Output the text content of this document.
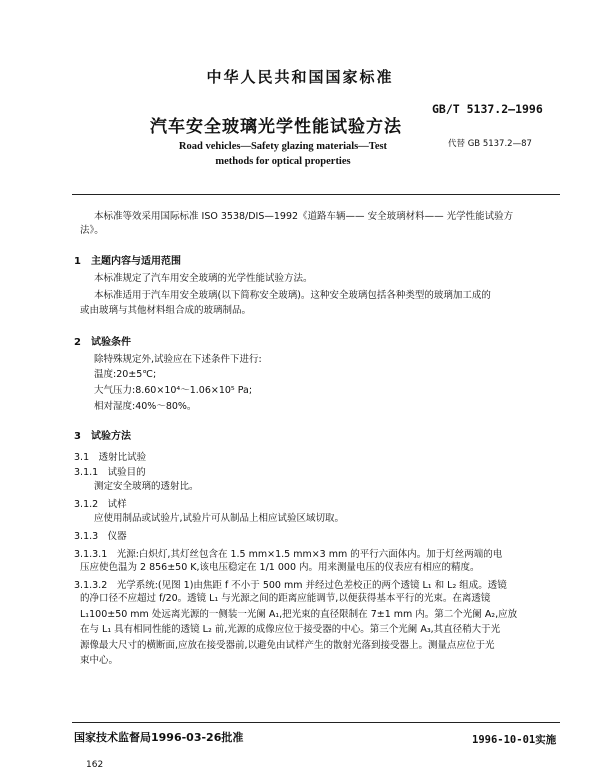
中华人民共和国国家标准
GB/T 5137.2—1996
汽车安全玻璃光学性能试验方法
代替 GB 5137.2—87
Road vehicles—Safety glazing materials—Test
methods for optical properties
本标准等效采用国际标准 ISO 3538/DIS—1992《道路车辆—— 安全玻璃材料—— 光学性能试验方
法》。
1　主题内容与适用范围
本标准规定了汽车用安全玻璃的光学性能试验方法。
本标准适用于汽车用安全玻璃(以下简称安全玻璃)。这种安全玻璃包括各种类型的玻璃加工成的
或由玻璃与其他材料组合成的玻璃制品。
2　试验条件
除特殊规定外,试验应在下述条件下进行:
温度:20±5℃;
大气压力:8.60×10⁴～1.06×10⁵ Pa;
相对湿度:40%～80%。
3　试验方法
3.1　透射比试验
3.1.1　试验目的
测定安全玻璃的透射比。
3.1.2　试样
应使用制品或试验片,试验片可从制品上相应试验区域切取。
3.1.3　仪器
3.1.3.1　光源:白炽灯,其灯丝包含在 1.5 mm×1.5 mm×3 mm 的平行六面体内。加于灯丝两端的电
压应使色温为 2 856±50 K,该电压稳定在 1/1 000 内。用来测量电压的仪表应有相应的精度。
3.1.3.2　光学系统:(见图 1)由焦距 f 不小于 500 mm 并经过色差校正的两个透镜 L₁ 和 L₂ 组成。透镜
的净口径不应超过 f/20。透镜 L₁ 与光源之间的距离应能调节,以便获得基本平行的光束。在离透镜
L₁100±50 mm 处远离光源的一侧装一光阑 A₁,把光束的直径限制在 7±1 mm 内。第二个光阑 A₂,应放
在与 L₁ 具有相同性能的透镜 L₂ 前,光源的成像应位于接受器的中心。第三个光阑 A₃,其直径稍大于光
源像最大尺寸的横断面,应放在接受器前,以避免由试样产生的散射光落到接受器上。测量点应位于光
束中心。
国家技术监督局1996-03-26批准	1996-10-01实施
162
